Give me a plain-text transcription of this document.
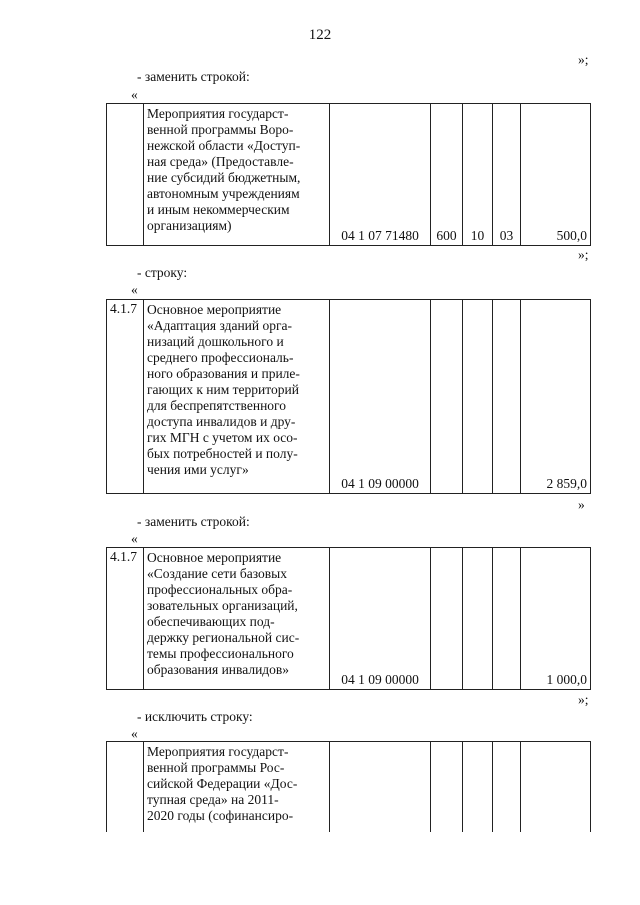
122
»;
- заменить строкой:
«
	Мероприятия государст-
венной программы Воро-
нежской области «Доступ-
ная среда» (Предоставле-
ние субсидий бюджетным,
автономным учреждениям
и иным некоммерческим
организациям)	04 1 07 71480	600	10	03	500,0
»;
- строку:
«
4.1.7	Основное мероприятие
«Адаптация зданий орга-
низаций дошкольного и
среднего профессиональ-
ного образования и приле-
гающих к ним территорий
для беспрепятственного
доступа инвалидов и дру-
гих МГН с учетом их осо-
бых потребностей и полу-
чения ими услуг»	04 1 09 00000				2 859,0
»
- заменить строкой:
«
4.1.7	Основное мероприятие
«Создание сети базовых
профессиональных обра-
зовательных организаций,
обеспечивающих под-
держку региональной сис-
темы профессионального
образования инвалидов»	04 1 09 00000				1 000,0
»;
- исключить строку:
«
	Мероприятия государст-
венной программы Рос-
сийской Федерации «Дос-
тупная среда» на 2011-
2020 годы (софинансиро-					
